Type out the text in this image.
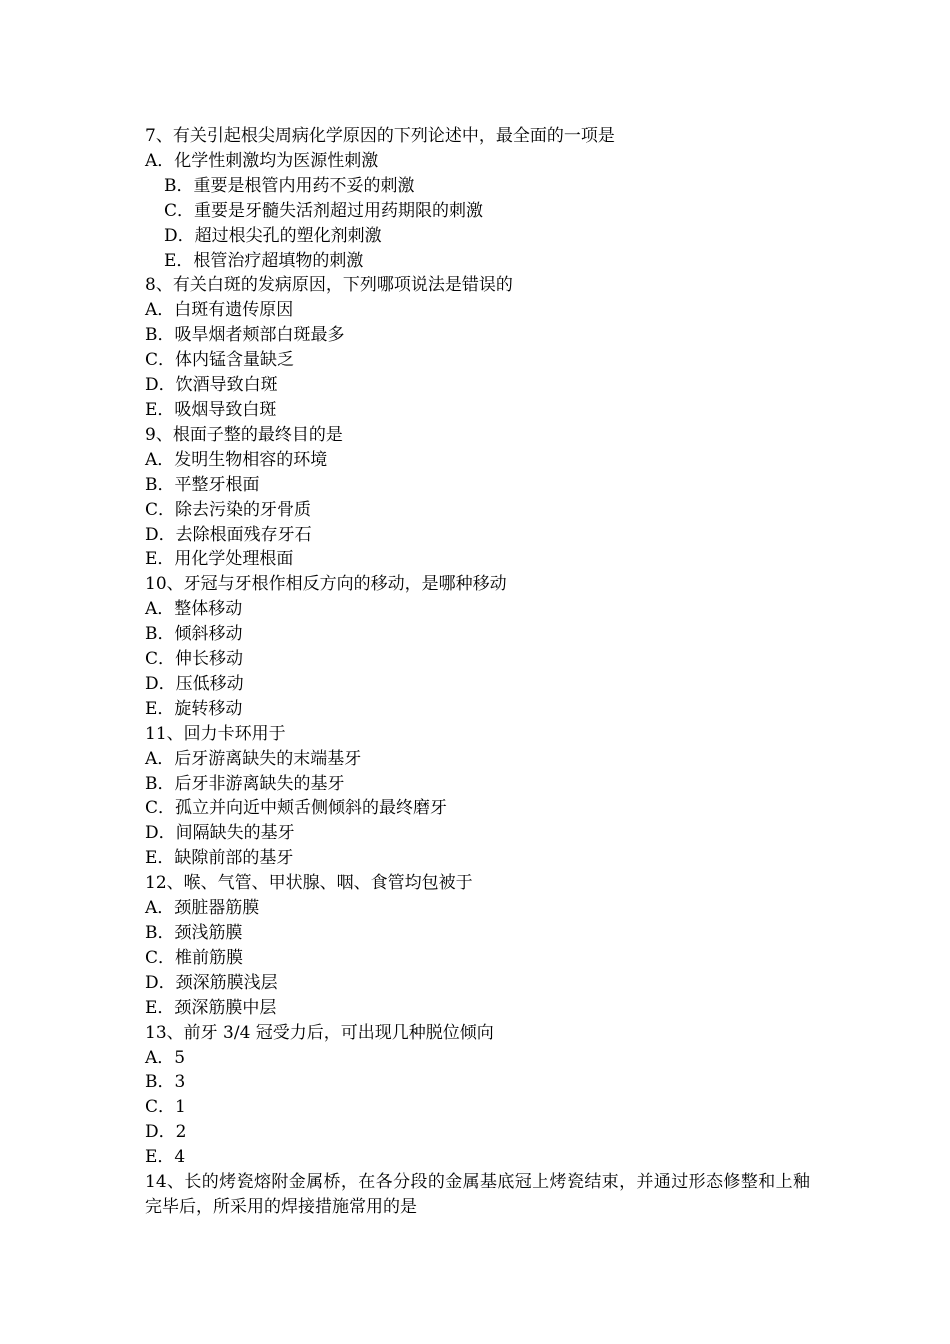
7、有关引起根尖周病化学原因的下列论述中，最全面的一项是

A．化学性刺激均为医源性刺激

B．重要是根管内用药不妥的刺激

C．重要是牙髓失活剂超过用药期限的刺激

D．超过根尖孔的塑化剂刺激

E．根管治疗超填物的刺激

8、有关白斑的发病原因，下列哪项说法是错误的

A．白斑有遗传原因

B．吸旱烟者颊部白斑最多

C．体内锰含量缺乏

D．饮酒导致白斑

E．吸烟导致白斑

9、根面子整的最终目的是

A．发明生物相容的环境

B．平整牙根面

C．除去污染的牙骨质

D．去除根面残存牙石

E．用化学处理根面

10、牙冠与牙根作相反方向的移动，是哪种移动

A．整体移动

B．倾斜移动

C．伸长移动

D．压低移动

E．旋转移动

11、回力卡环用于

A．后牙游离缺失的末端基牙

B．后牙非游离缺失的基牙

C．孤立并向近中颊舌侧倾斜的最终磨牙

D．间隔缺失的基牙

E．缺隙前部的基牙

12、喉、气管、甲状腺、咽、食管均包被于

A．颈脏器筋膜

B．颈浅筋膜

C．椎前筋膜

D．颈深筋膜浅层

E．颈深筋膜中层

13、前牙 3/4 冠受力后，可出现几种脱位倾向

A．5

B．3

C．1

D．2

E．4

14、长的烤瓷熔附金属桥，在各分段的金属基底冠上烤瓷结束，并通过形态修整和上釉完毕后，所采用的焊接措施常用的是
